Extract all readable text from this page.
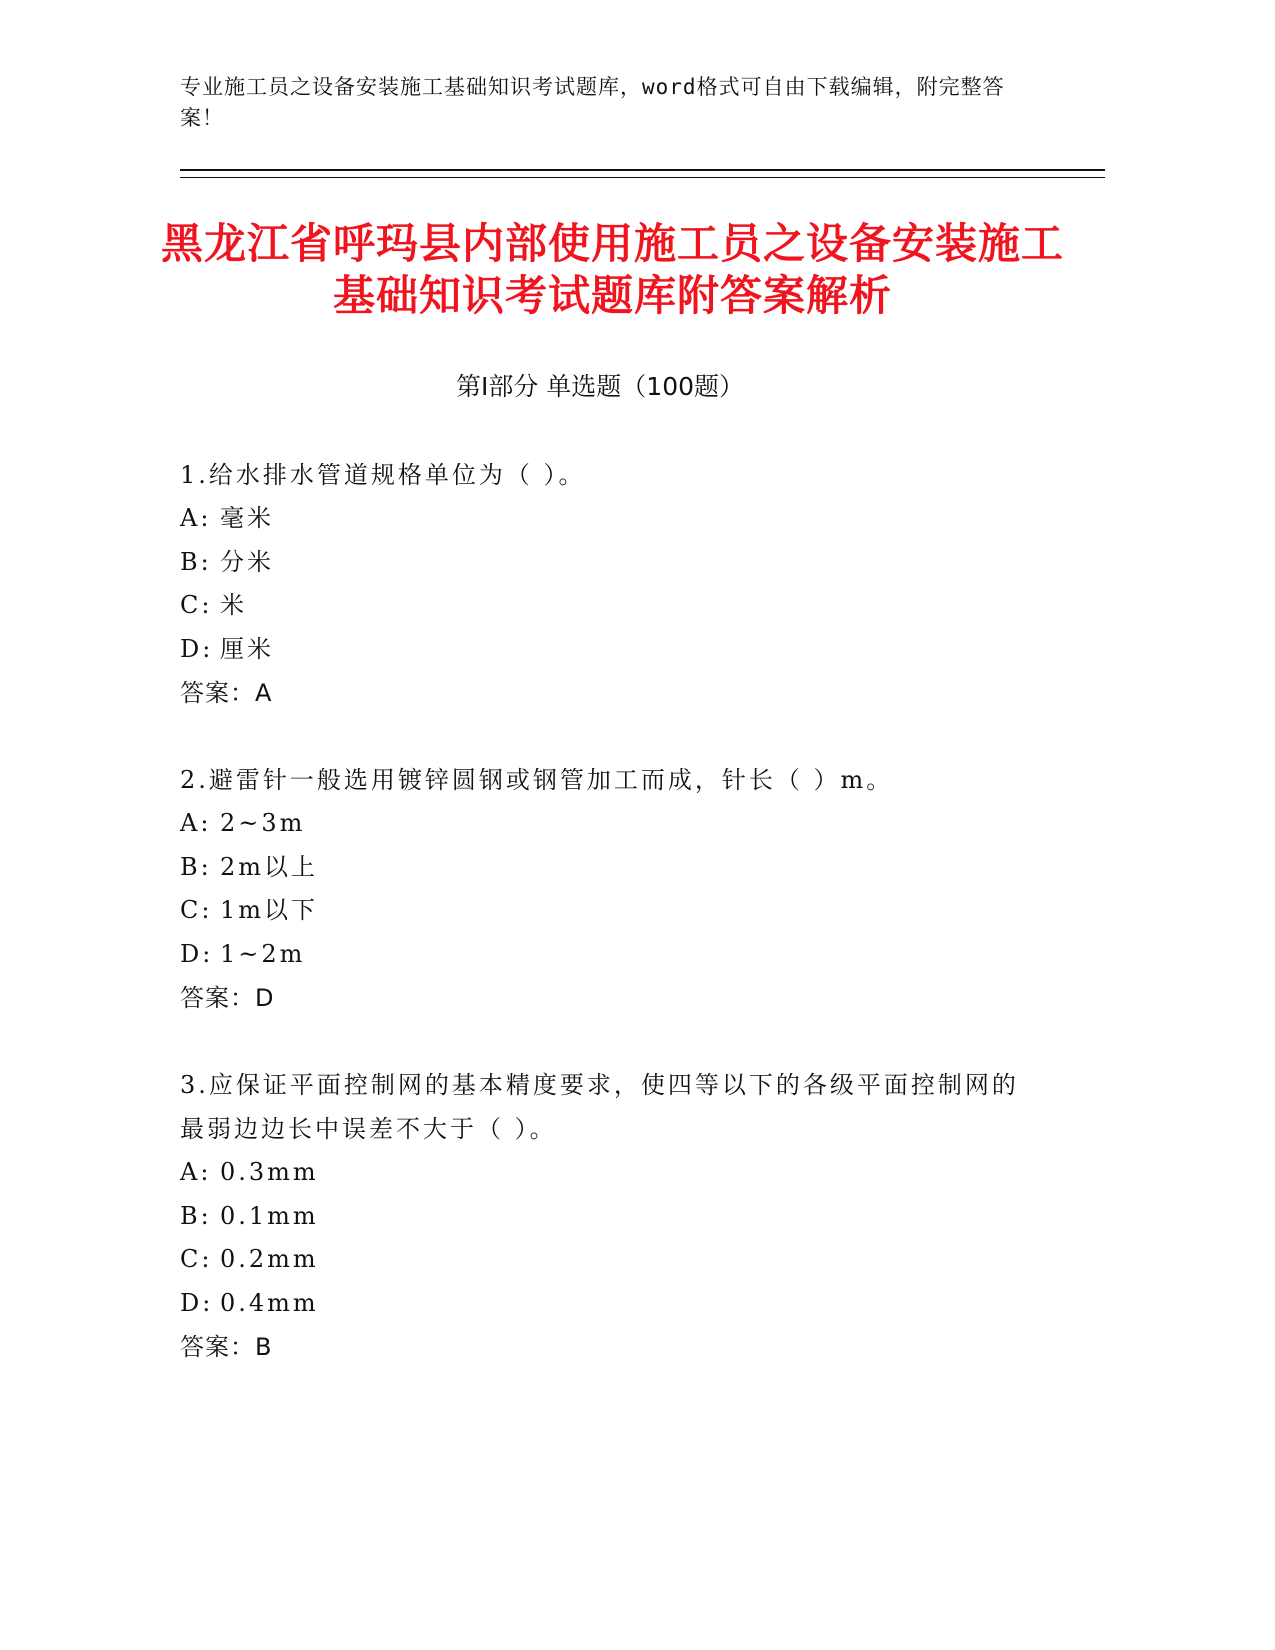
专业施工员之设备安装施工基础知识考试题库，word格式可自由下载编辑，附完整答案！
黑龙江省呼玛县内部使用施工员之设备安装施工基础知识考试题库附答案解析
第I部分 单选题（100题）

1.给水排水管道规格单位为（ ）。

A: 毫米

B: 分米

C: 米

D: 厘米

答案：A

2.避雷针一般选用镀锌圆钢或钢管加工而成，针长（ ）m。

A: 2~3m

B: 2m以上

C: 1m以下

D: 1~2m

答案：D

3.应保证平面控制网的基本精度要求，使四等以下的各级平面控制网的最弱边边长中误差不大于（ ）。

A: 0.3mm

B: 0.1mm

C: 0.2mm

D: 0.4mm

答案：B
